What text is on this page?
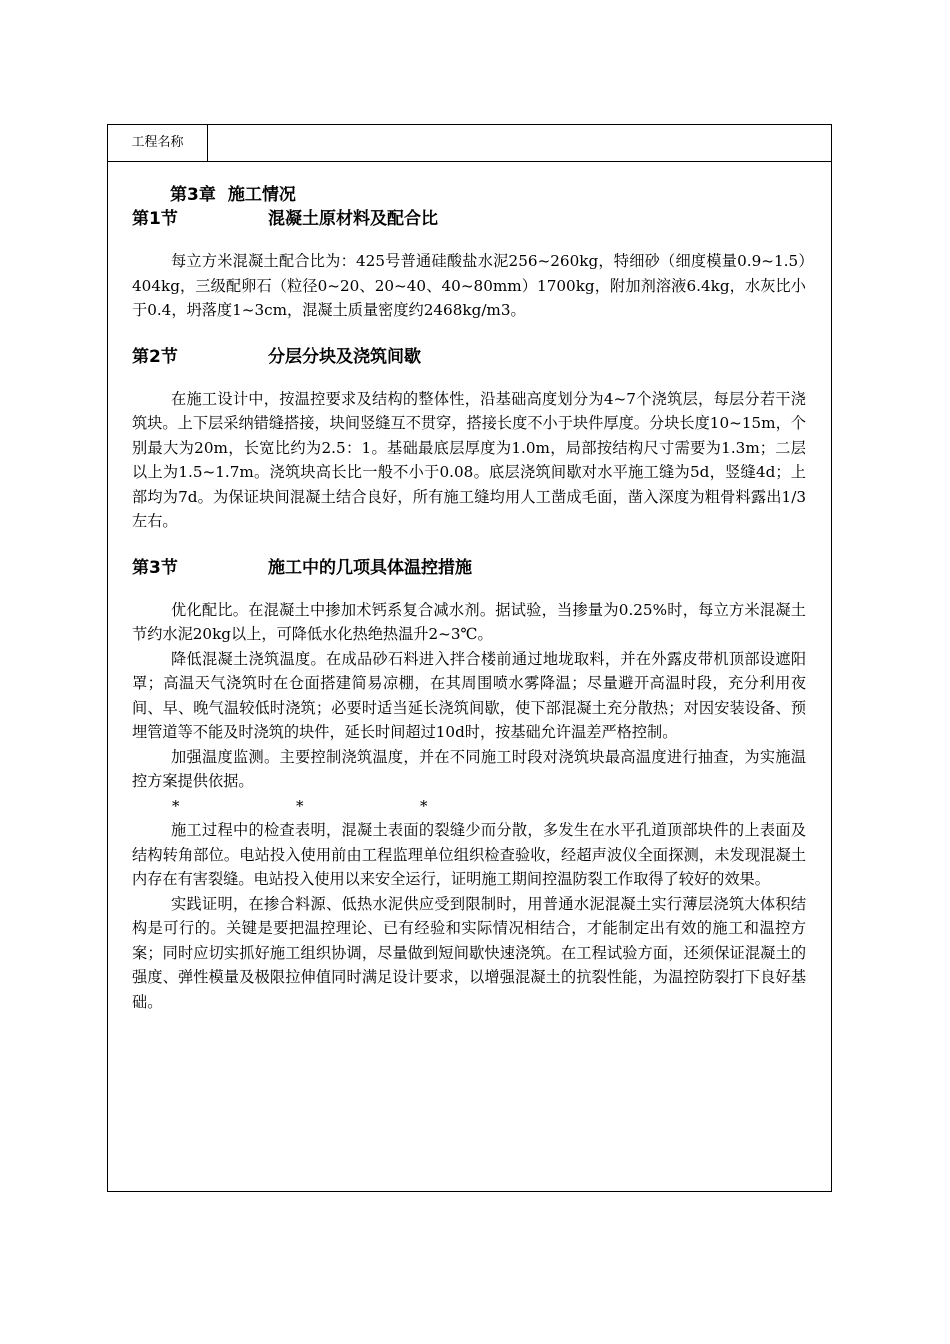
工程名称
第3章 施工情况
第1节	混凝土原材料及配合比

每立方米混凝土配合比为：425号普通硅酸盐水泥256~260kg，特细砂（细度模量0.9~1.5）404kg，三级配卵石（粒径0~20、20~40、40~80mm）1700kg，附加剂溶液6.4kg，水灰比小于0.4，坍落度1~3cm，混凝土质量密度约2468kg/m3。

第2节	分层分块及浇筑间歇

在施工设计中，按温控要求及结构的整体性，沿基础高度划分为4~7个浇筑层，每层分若干浇筑块。上下层采纳错缝搭接，块间竖缝互不贯穿，搭接长度不小于块件厚度。分块长度10~15m，个别最大为20m，长宽比约为2.5：1。基础最底层厚度为1.0m，局部按结构尺寸需要为1.3m；二层以上为1.5~1.7m。浇筑块高长比一般不小于0.08。底层浇筑间歇对水平施工缝为5d，竖缝4d；上部均为7d。为保证块间混凝土结合良好，所有施工缝均用人工凿成毛面，凿入深度为粗骨料露出1/3左右。

第3节	施工中的几项具体温控措施

优化配比。在混凝土中掺加术钙系复合减水剂。据试验，当掺量为0.25%时，每立方米混凝土节约水泥20kg以上，可降低水化热绝热温升2~3℃。

降低混凝土浇筑温度。在成品砂石料进入拌合楼前通过地垅取料，并在外露皮带机顶部设遮阳罩；高温天气浇筑时在仓面搭建简易凉棚，在其周围喷水雾降温；尽量避开高温时段，充分利用夜间、早、晚气温较低时浇筑；必要时适当延长浇筑间歇，使下部混凝土充分散热；对因安装设备、预埋管道等不能及时浇筑的块件，延长时间超过10d时，按基础允许温差严格控制。

加强温度监测。主要控制浇筑温度，并在不同施工时段对浇筑块最高温度进行抽查，为实施温控方案提供依据。

*	*	*

施工过程中的检查表明，混凝土表面的裂缝少而分散，多发生在水平孔道顶部块件的上表面及结构转角部位。电站投入使用前由工程监理单位组织检查验收，经超声波仪全面探测，未发现混凝土内存在有害裂缝。电站投入使用以来安全运行，证明施工期间控温防裂工作取得了较好的效果。

实践证明，在掺合料源、低热水泥供应受到限制时，用普通水泥混凝土实行薄层浇筑大体积结构是可行的。关键是要把温控理论、已有经验和实际情况相结合，才能制定出有效的施工和温控方案；同时应切实抓好施工组织协调，尽量做到短间歇快速浇筑。在工程试验方面，还须保证混凝土的强度、弹性模量及极限拉伸值同时满足设计要求，以增强混凝土的抗裂性能，为温控防裂打下良好基础。
